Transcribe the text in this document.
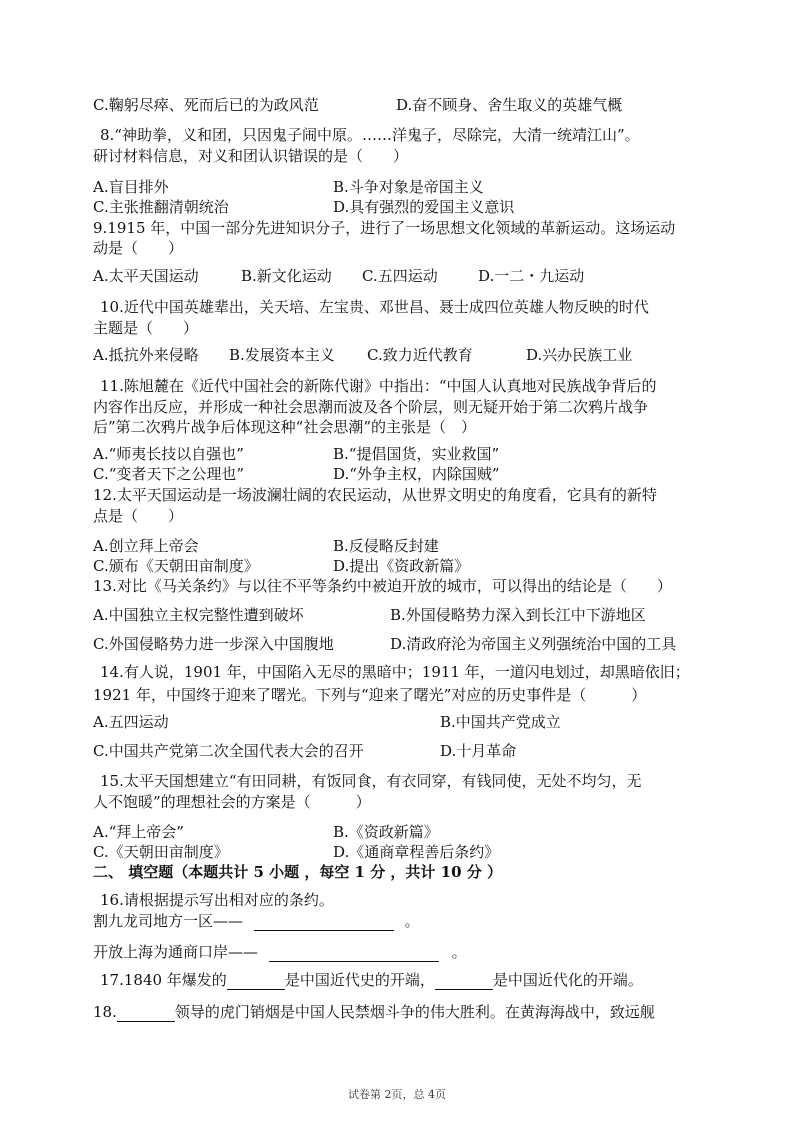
C.鞠躬尽瘁、死而后已的为政风范	D.奋不顾身、舍生取义的英雄气概
8.“神助拳，义和团，只因鬼子闹中原。……洋鬼子，尽除完，大清一统靖江山”。
研讨材料信息，对义和团认识错误的是（　　）
A.盲目排外	B.斗争对象是帝国主义
C.主张推翻清朝统治	D.具有强烈的爱国主义意识
9.1915 年，中国一部分先进知识分子，进行了一场思想文化领域的革新运动。这场运动
动是（　　）
A.太平天国运动	B.新文化运动 C.五四运动	D.一二・九运动
10.近代中国英雄辈出，关天培、左宝贵、邓世昌、聂士成四位英雄人物反映的时代
主题是（　　）
A.抵抗外来侵略 B.发展资本主义 C.致力近代教育	D.兴办民族工业
11.陈旭麓在《近代中国社会的新陈代谢》中指出：“中国人认真地对民族战争背后的
内容作出反应，并形成一种社会思潮而波及各个阶层，则无疑开始于第二次鸦片战争
后”第二次鸦片战争后体现这种“社会思潮”的主张是（　）
A.“师夷长技以自强也”	B.“提倡国货，实业救国”
C.“变者天下之公理也”	D.“外争主权，内除国贼”
12.太平天国运动是一场波澜壮阔的农民运动，从世界文明史的角度看，它具有的新特
点是（　　）
A.创立拜上帝会	B.反侵略反封建
C.颁布《天朝田亩制度》	D.提出《资政新篇》
13.对比《马关条约》与以往不平等条约中被迫开放的城市，可以得出的结论是（　　）
A.中国独立主权完整性遭到破坏	B.外国侵略势力深入到长江中下游地区
C.外国侵略势力进一步深入中国腹地	D.清政府沦为帝国主义列强统治中国的工具
14.有人说，1901 年，中国陷入无尽的黑暗中；1911 年，一道闪电划过，却黑暗依旧；
1921 年，中国终于迎来了曙光。下列与“迎来了曙光”对应的历史事件是（　　　）
A.五四运动	B.中国共产党成立
C.中国共产党第二次全国代表大会的召开	D.十月革命
15.太平天国想建立“有田同耕，有饭同食，有衣同穿，有钱同使，无处不均匀，无
人不饱暖”的理想社会的方案是（　　　）
A.“拜上帝会”	B.《资政新篇》
C.《天朝田亩制度》	D.《通商章程善后条约》
二、 填空题（本题共计 5 小题 ，每空 1 分 ，共计 10 分 ）
16.请根据提示写出相对应的条约。
割九龙司地方一区——	。
开放上海为通商口岸——	。
17.1840 年爆发的	是中国近代史的开端，	是中国近代化的开端。
18.	领导的虎门销烟是中国人民禁烟斗争的伟大胜利。在黄海海战中，致远舰
试卷第 2页，总 4页
